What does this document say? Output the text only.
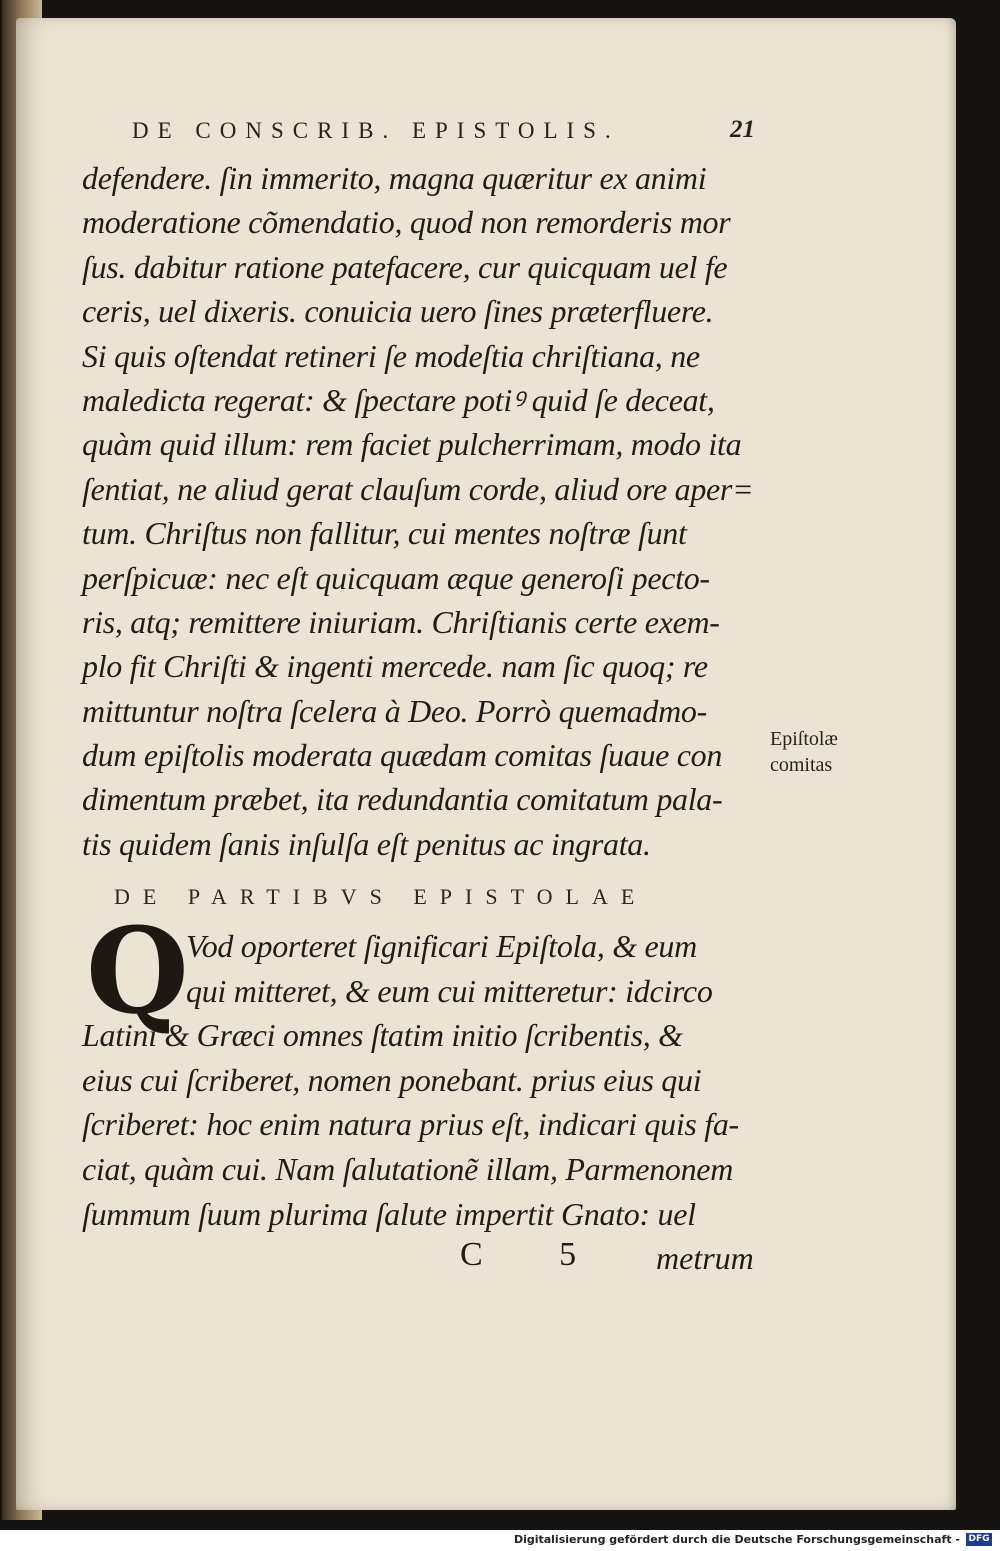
DE CONSCRIB. EPISTOLIS.	21
defendere. ſin immerito, magna quæritur ex animi
moderatione cõmendatio, quod non remorderis mor
ſus. dabitur ratione patefacere, cur quicquam uel fe
ceris, uel dixeris. conuicia uero ſines præterfluere.
Si quis oſtendat retineri ſe modeſtia chriſtiana, ne
maledicta regerat: & ſpectare potiꝰ quid ſe deceat,
quàm quid illum: rem faciet pulcherrimam, modo ita
ſentiat, ne aliud gerat clauſum corde, aliud ore aper=
tum. Chriſtus non fallitur, cui mentes noſtræ ſunt
perſpicuæ: nec eſt quicquam æque generoſi pecto-
ris, atq; remittere iniuriam. Chriſtianis certe exem-
plo fit Chriſti & ingenti mercede. nam ſic quoq; re
mittuntur noſtra ſcelera à Deo. Porrò quemadmo-
dum epiſtolis moderata quædam comitas ſuaue con
dimentum præbet, ita redundantia comitatum pala-
tis quidem ſanis inſulſa eſt penitus ac ingrata.
Epiſtolæ
comitas
DE PARTIBVS EPISTOLAE
Q
Vod oporteret ſignificari Epiſtola, & eum
qui mitteret, & eum cui mitteretur: idcirco
Latini & Græci omnes ſtatim initio ſcribentis, &
eius cui ſcriberet, nomen ponebant. prius eius qui
ſcriberet: hoc enim natura prius eſt, indicari quis fa-
ciat, quàm cui. Nam ſalutationẽ illam, Parmenonem
ſummum ſuum plurima ſalute impertit Gnato: uel
C 5 metrum
Digitalisierung gefördert durch die Deutsche Forschungsgemeinschaft - DFG
